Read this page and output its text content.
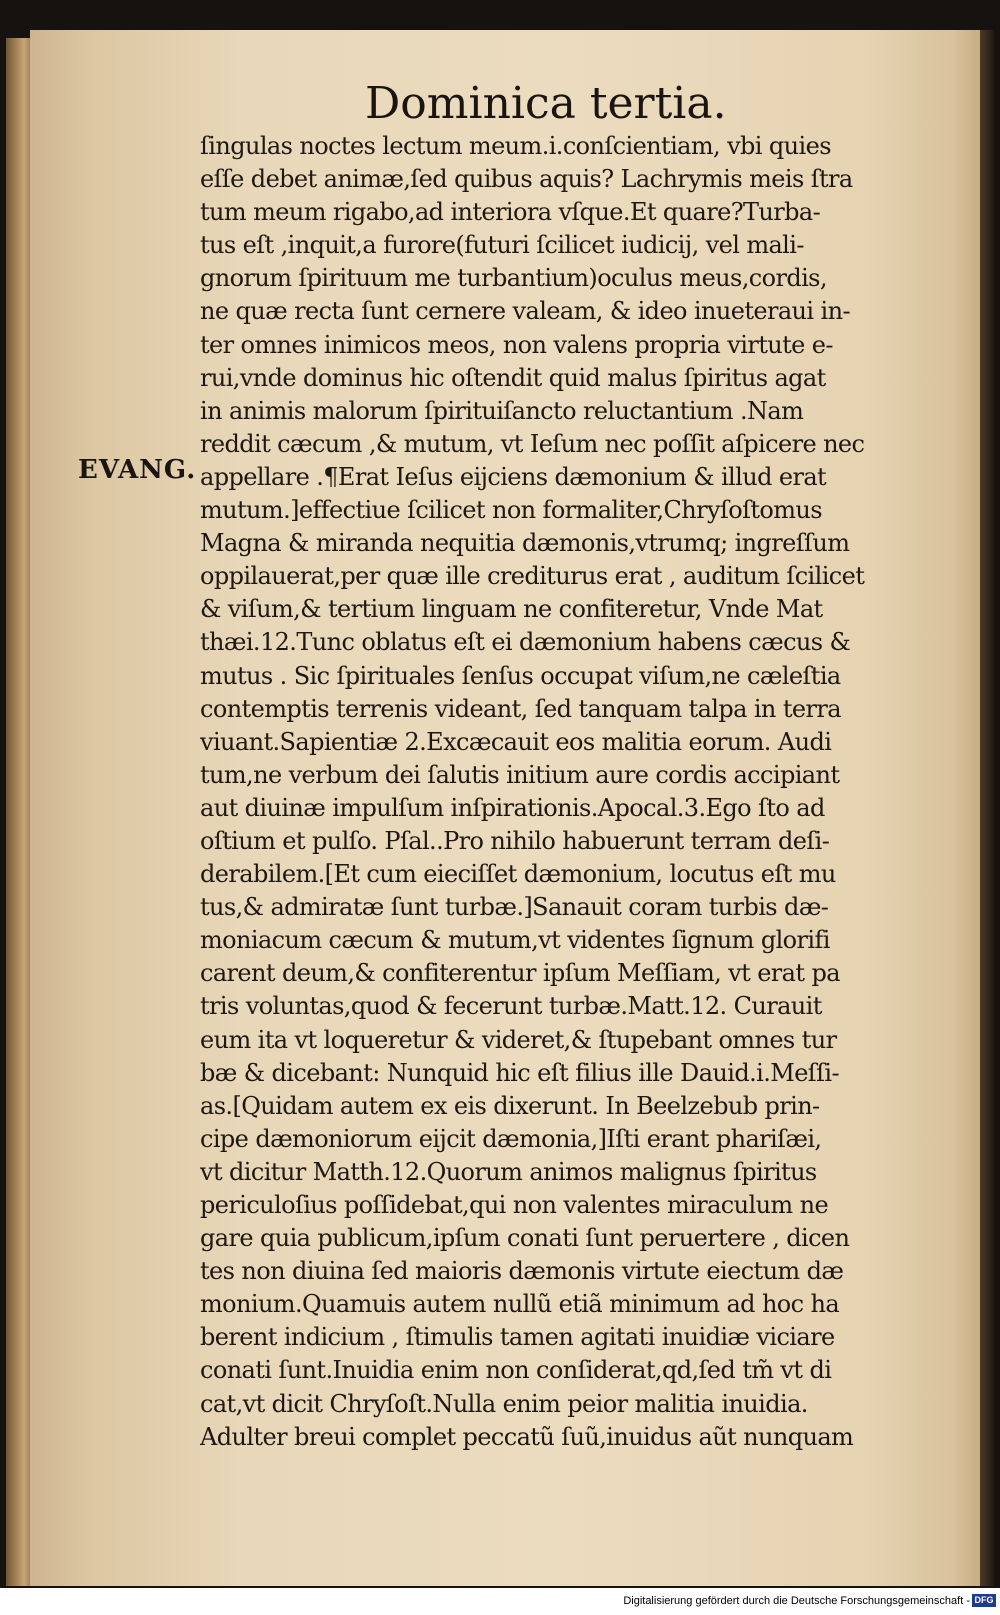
Dominica tertia.
EVANG.
ſingulas noctes lectum meum.i.conſcientiam, vbi quies
eſſe debet animæ,ſed quibus aquis? Lachrymis meis ſtra
tum meum rigabo,ad interiora vſque.Et quare?Turba-
tus eſt ,inquit,a furore(futuri ſcilicet iudicij, vel mali-
gnorum ſpirituum me turbantium)oculus meus,cordis,
ne quæ recta ſunt cernere valeam, & ideo inueteraui in-
ter omnes inimicos meos, non valens propria virtute e-
rui,vnde dominus hic oſtendit quid malus ſpiritus agat
in animis malorum ſpirituiſancto reluctantium .Nam
reddit cæcum ,& mutum, vt Ieſum nec poſſit aſpicere nec
appellare .¶Erat Ieſus eijciens dæmonium & illud erat
mutum.]effectiue ſcilicet non formaliter,Chryſoſtomus
Magna & miranda nequitia dæmonis,vtrumq; ingreſſum
oppilauerat,per quæ ille crediturus erat , auditum ſcilicet
& viſum,& tertium linguam ne confiteretur, Vnde Mat
thæi.12.Tunc oblatus eſt ei dæmonium habens cæcus &
mutus . Sic ſpirituales ſenſus occupat viſum,ne cæleſtia
contemptis terrenis videant, ſed tanquam talpa in terra
viuant.Sapientiæ 2.Excæcauit eos malitia eorum. Audi
tum,ne verbum dei ſalutis initium aure cordis accipiant
aut diuinæ impulſum inſpirationis.Apocal.3.Ego ſto ad
oſtium et pulſo. Pſal..Pro nihilo habuerunt terram deſi-
derabilem.[Et cum eieciſſet dæmonium, locutus eſt mu
tus,& admiratæ ſunt turbæ.]Sanauit coram turbis dæ-
moniacum cæcum & mutum,vt videntes ſignum glorifi
carent deum,& confiterentur ipſum Meſſiam, vt erat pa
tris voluntas,quod & fecerunt turbæ.Matt.12. Curauit
eum ita vt loqueretur & videret,& ſtupebant omnes tur
bæ & dicebant: Nunquid hic eſt filius ille Dauid.i.Meſſi-
as.[Quidam autem ex eis dixerunt. In Beelzebub prin-
cipe dæmoniorum eijcit dæmonia,]Iſti erant phariſæi,
vt dicitur Matth.12.Quorum animos malignus ſpiritus
periculoſius poſſidebat,qui non valentes miraculum ne
gare quia publicum,ipſum conati ſunt peruertere , dicen
tes non diuina ſed maioris dæmonis virtute eiectum dæ
monium.Quamuis autem nullũ etiã minimum ad hoc ha
berent indicium , ſtimulis tamen agitati inuidiæ viciare
conati ſunt.Inuidia enim non conſiderat,qd,ſed tm̃ vt di
cat,vt dicit Chryſoſt.Nulla enim peior malitia inuidia.
Adulter breui complet peccatũ ſuũ,inuidus aũt nunquam
Digitalisierung gefördert durch die Deutsche Forschungsgemeinschaft - DFG
